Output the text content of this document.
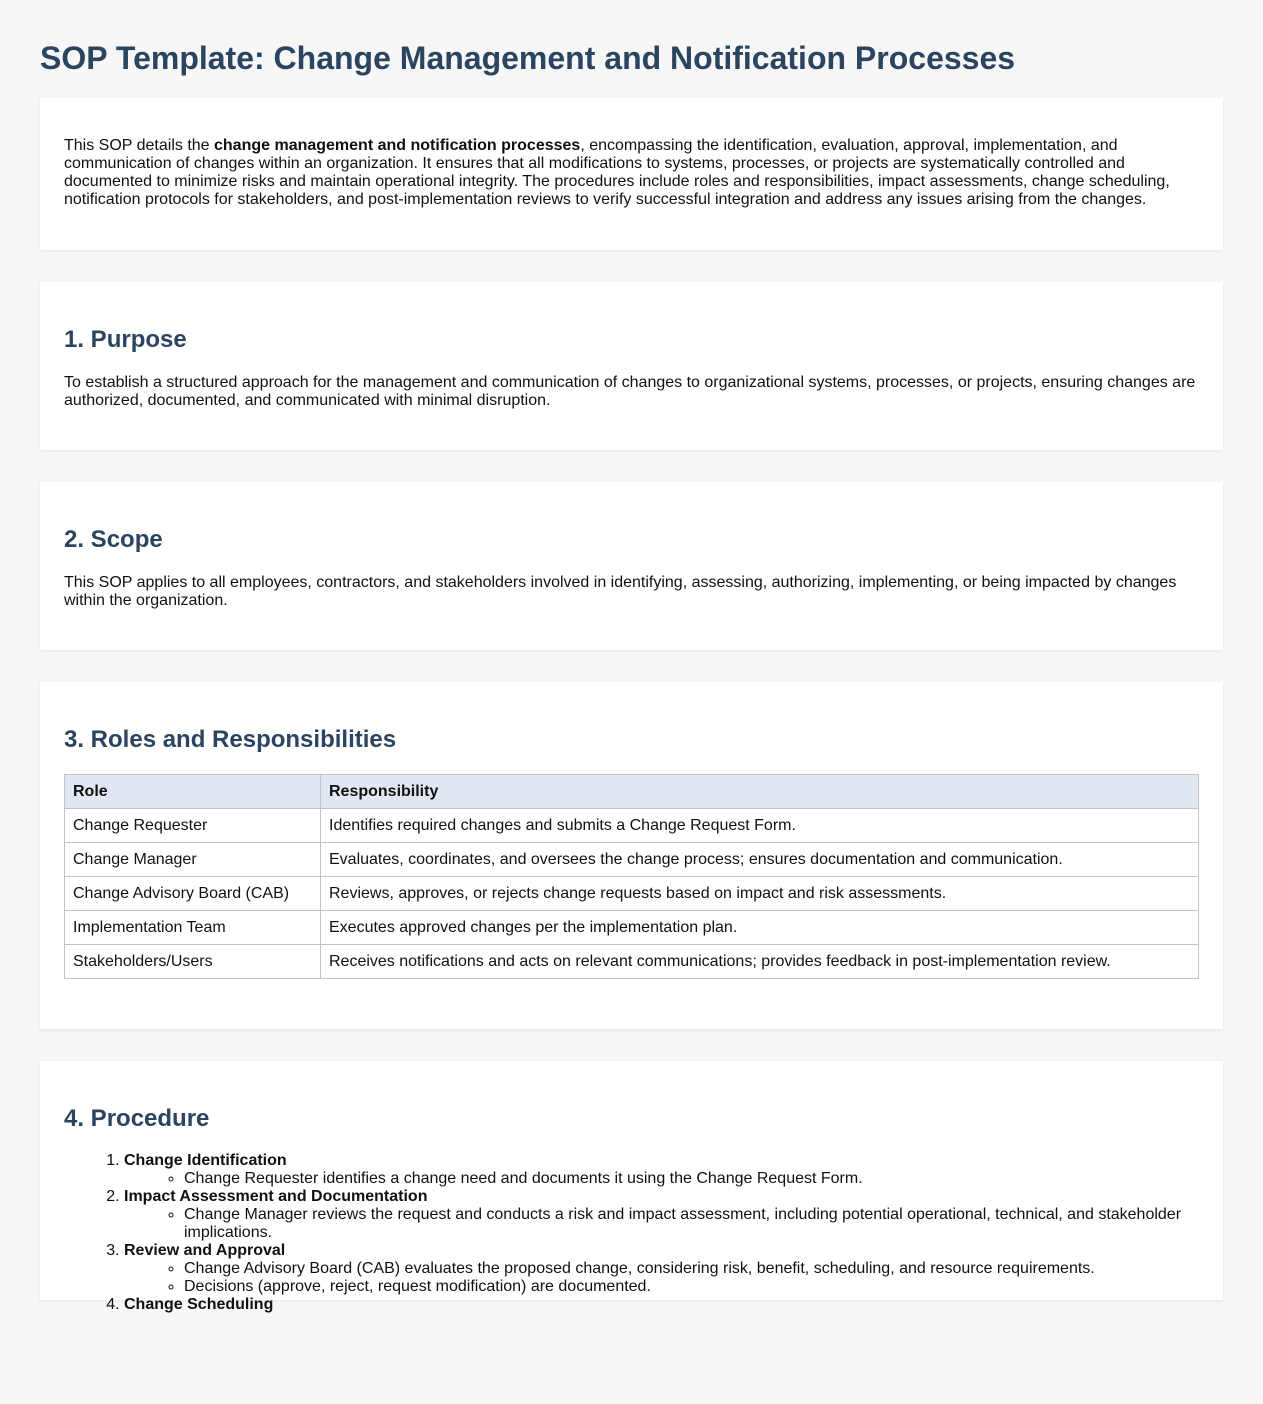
SOP Template: Change Management and Notification Processes

This SOP details the change management and notification processes, encompassing the identification, evaluation, approval, implementation, and communication of changes within an organization. It ensures that all modifications to systems, processes, or projects are systematically controlled and documented to minimize risks and maintain operational integrity. The procedures include roles and responsibilities, impact assessments, change scheduling, notification protocols for stakeholders, and post-implementation reviews to verify successful integration and address any issues arising from the changes.

1. Purpose

To establish a structured approach for the management and communication of changes to organizational systems, processes, or projects, ensuring changes are authorized, documented, and communicated with minimal disruption.

2. Scope

This SOP applies to all employees, contractors, and stakeholders involved in identifying, assessing, authorizing, implementing, or being impacted by changes within the organization.

3. Roles and Responsibilities
Role	Responsibility
Change Requester	Identifies required changes and submits a Change Request Form.
Change Manager	Evaluates, coordinates, and oversees the change process; ensures documentation and communication.
Change Advisory Board (CAB)	Reviews, approves, or rejects change requests based on impact and risk assessments.
Implementation Team	Executes approved changes per the implementation plan.
Stakeholders/Users	Receives notifications and acts on relevant communications; provides feedback in post-implementation review.
4. Procedure
1. Change Identification
◦ Change Requester identifies a change need and documents it using the Change Request Form.
2. Impact Assessment and Documentation
◦ Change Manager reviews the request and conducts a risk and impact assessment, including potential operational, technical, and stakeholder implications.
3. Review and Approval
◦ Change Advisory Board (CAB) evaluates the proposed change, considering risk, benefit, scheduling, and resource requirements.
◦ Decisions (approve, reject, request modification) are documented.
4. Change Scheduling
